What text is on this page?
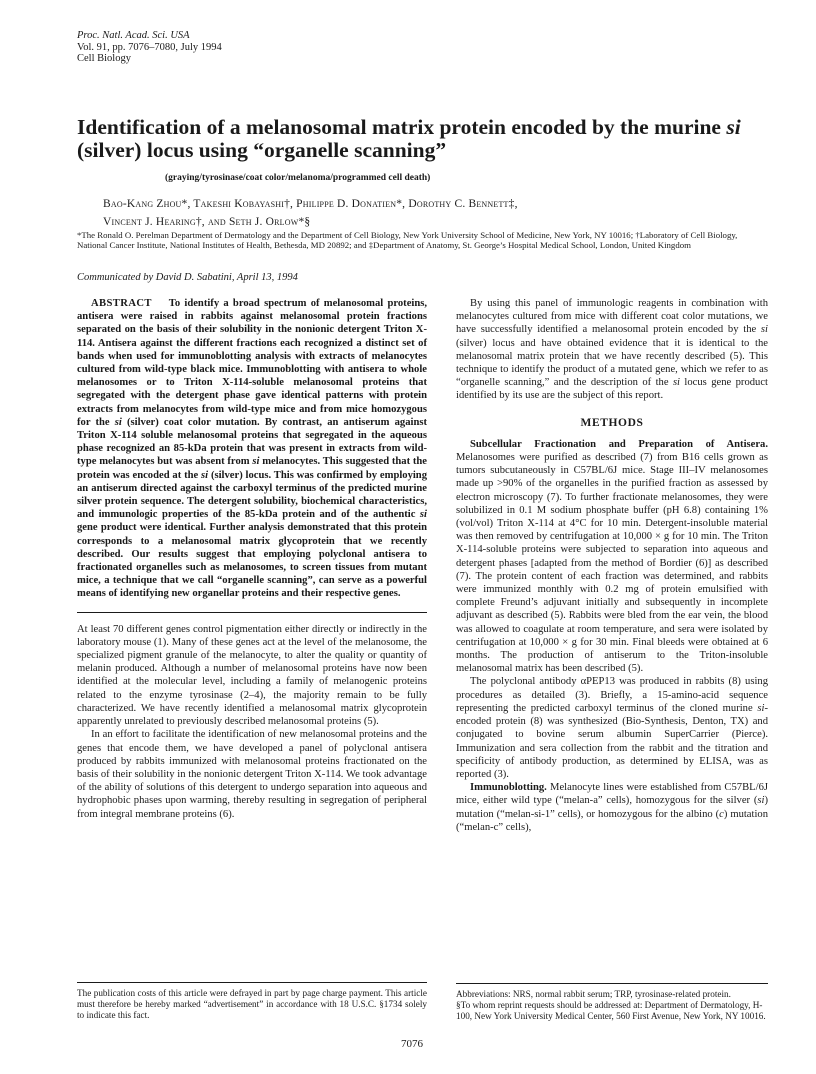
Proc. Natl. Acad. Sci. USA
Vol. 91, pp. 7076–7080, July 1994
Cell Biology
Identification of a melanosomal matrix protein encoded by the murine si (silver) locus using “organelle scanning”
(graying/tyrosinase/coat color/melanoma/programmed cell death)
Bao-Kang Zhou*, Takeshi Kobayashi†, Philippe D. Donatien*, Dorothy C. Bennett‡,
Vincent J. Hearing†, and Seth J. Orlow*§
*The Ronald O. Perelman Department of Dermatology and the Department of Cell Biology, New York University School of Medicine, New York, NY 10016; †Laboratory of Cell Biology, National Cancer Institute, National Institutes of Health, Bethesda, MD 20892; and ‡Department of Anatomy, St. George’s Hospital Medical School, London, United Kingdom
Communicated by David D. Sabatini, April 13, 1994

ABSTRACT To identify a broad spectrum of melanosomal proteins, antisera were raised in rabbits against melanosomal protein fractions separated on the basis of their solubility in the nonionic detergent Triton X-114. Antisera against the different fractions each recognized a distinct set of bands when used for immunoblotting analysis with extracts of melanocytes cultured from wild-type black mice. Immunoblotting with antisera to whole melanosomes or to Triton X-114-soluble melanosomal proteins that segregated with the detergent phase gave identical patterns with protein extracts from melanocytes from wild-type mice and from mice homozygous for the si (silver) coat color mutation. By contrast, an antiserum against Triton X-114 soluble melanosomal proteins that segregated in the aqueous phase recognized an 85-kDa protein that was present in extracts from wild-type melanocytes but was absent from si melanocytes. This suggested that the protein was encoded at the si (silver) locus. This was confirmed by employing an antiserum directed against the carboxyl terminus of the predicted murine silver protein sequence. The detergent solubility, biochemical characteristics, and immunologic properties of the 85-kDa protein and of the authentic si gene product were identical. Further analysis demonstrated that this protein corresponds to a melanosomal matrix glycoprotein that we recently described. Our results suggest that employing polyclonal antisera to fractionated organelles such as melanosomes, to screen tissues from mutant mice, a technique that we call “organelle scanning”, can serve as a powerful means of identifying new organellar proteins and their respective genes.

At least 70 different genes control pigmentation either directly or indirectly in the laboratory mouse (1). Many of these genes act at the level of the melanosome, the specialized pigment granule of the melanocyte, to alter the quality or quantity of melanin produced. Although a number of melanosomal proteins have now been identified at the molecular level, including a family of melanogenic proteins related to the enzyme tyrosinase (2–4), the majority remain to be fully characterized. We have recently identified a melanosomal matrix glycoprotein apparently unrelated to previously described melanosomal proteins (5).

In an effort to facilitate the identification of new melanosomal proteins and the genes that encode them, we have developed a panel of polyclonal antisera produced by rabbits immunized with melanosomal proteins fractionated on the basis of their solubility in the nonionic detergent Triton X-114. We took advantage of the ability of solutions of this detergent to undergo separation into aqueous and hydrophobic phases upon warming, thereby resulting in segregation of peripheral from integral membrane proteins (6).

By using this panel of immunologic reagents in combination with melanocytes cultured from mice with different coat color mutations, we have successfully identified a melanosomal protein encoded by the si (silver) locus and have obtained evidence that it is identical to the melanosomal matrix protein that we have recently described (5). This technique to identify the product of a mutated gene, which we refer to as “organelle scanning,” and the description of the si locus gene product identified by its use are the subject of this report.

METHODS

Subcellular Fractionation and Preparation of Antisera. Melanosomes were purified as described (7) from B16 cells grown as tumors subcutaneously in C57BL/6J mice. Stage III–IV melanosomes made up >90% of the organelles in the purified fraction as assessed by electron microscopy (7). To further fractionate melanosomes, they were solubilized in 0.1 M sodium phosphate buffer (pH 6.8) containing 1% (vol/vol) Triton X-114 at 4°C for 10 min. Detergent-insoluble material was then removed by centrifugation at 10,000 × g for 10 min. The Triton X-114-soluble proteins were subjected to separation into aqueous and detergent phases [adapted from the method of Bordier (6)] as described (7). The protein content of each fraction was determined, and rabbits were immunized monthly with 0.2 mg of protein emulsified with complete Freund’s adjuvant initially and subsequently in incomplete adjuvant as described (5). Rabbits were bled from the ear vein, the blood was allowed to coagulate at room temperature, and sera were isolated by centrifugation at 10,000 × g for 30 min. Final bleeds were obtained at 6 months. The production of antiserum to the Triton-insoluble melanosomal matrix has been described (5).

The polyclonal antibody αPEP13 was produced in rabbits (8) using procedures as detailed (3). Briefly, a 15-amino-acid sequence representing the predicted carboxyl terminus of the cloned murine si-encoded protein (8) was synthesized (Bio-Synthesis, Denton, TX) and conjugated to bovine serum albumin SuperCarrier (Pierce). Immunization and sera collection from the rabbit and the titration and specificity of antibody production, as determined by ELISA, was as reported (3).

Immunoblotting. Melanocyte lines were established from C57BL/6J mice, either wild type (“melan-a” cells), homozygous for the silver (si) mutation (“melan-si-1” cells), or homozygous for the albino (c) mutation (“melan-c” cells),

The publication costs of this article were defrayed in part by page charge payment. This article must therefore be hereby marked “advertisement” in accordance with 18 U.S.C. §1734 solely to indicate this fact.
Abbreviations: NRS, normal rabbit serum; TRP, tyrosinase-related protein.
§To whom reprint requests should be addressed at: Department of Dermatology, H-100, New York University Medical Center, 560 First Avenue, New York, NY 10016.
7076
